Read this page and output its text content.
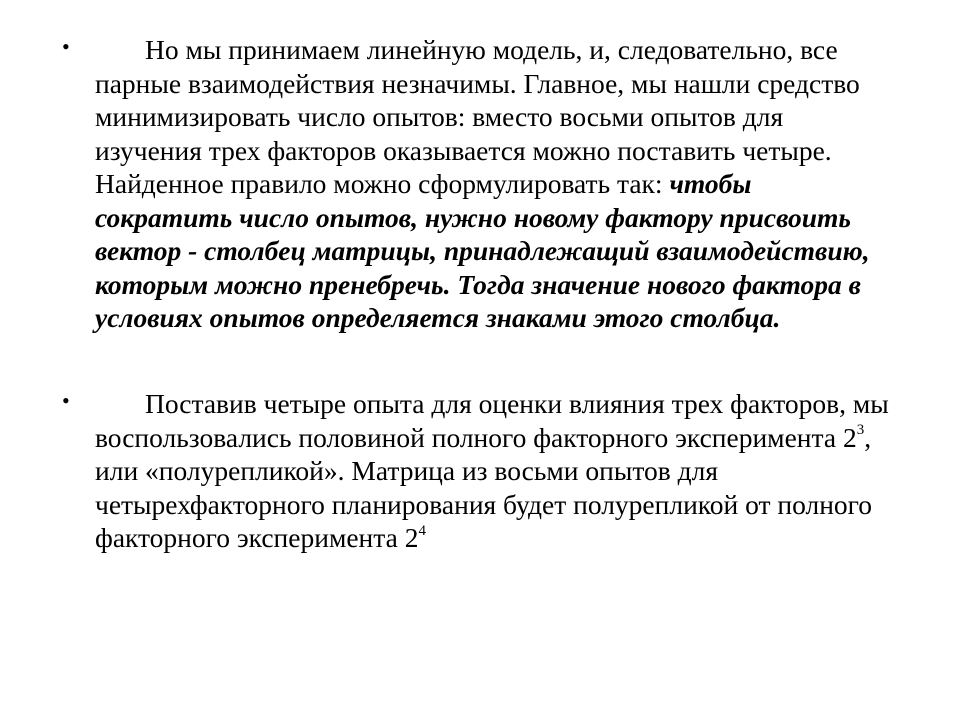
•	Но мы принимаем линейную модель, и, следовательно, все парные взаимодействия незначимы. Главное, мы нашли средство минимизировать число опытов: вместо восьми опытов для изучения трех факторов оказывается можно поставить четыре. Найденное правило можно сформулировать так: чтобы сократить число опытов, нужно новому фактору присвоить вектор - столбец матрицы, принадлежащий взаимодействию, которым можно пренебречь. Тогда значение нового фактора в условиях опытов определяется знаками этого столбца.

•	Поставив четыре опыта для оценки влияния трех факторов, мы воспользовались половиной полного факторного эксперимента $2^3$, или «полурепликой». Матрица из восьми опытов для четырехфакторного планирования будет полурепликой от полного факторного эксперимента $2^4$
